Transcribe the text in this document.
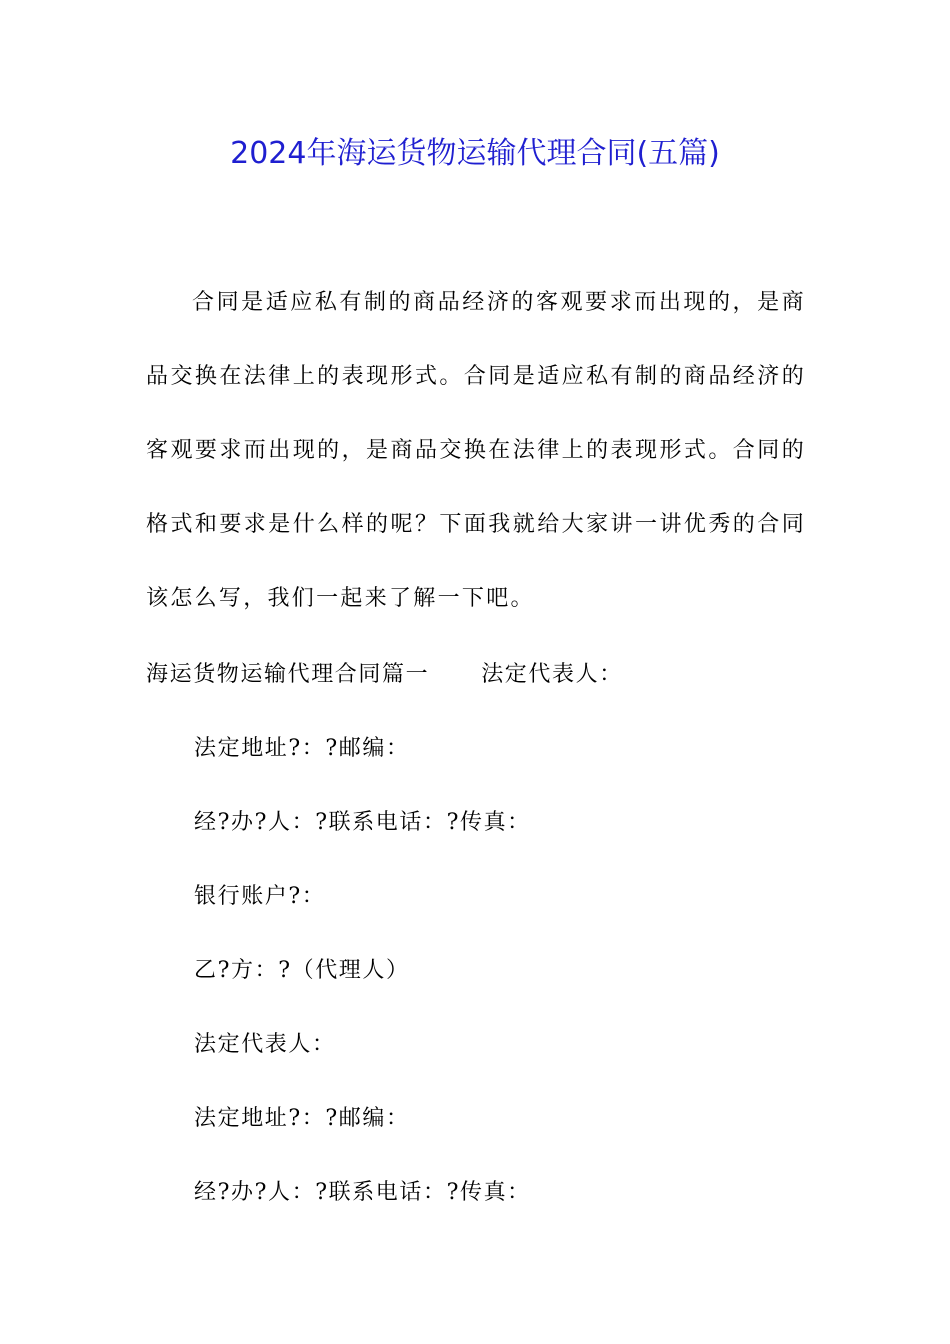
2024年海运货物运输代理合同(五篇)

合同是适应私有制的商品经济的客观要求而出现的，是商品交换在法律上的表现形式。合同是适应私有制的商品经济的客观要求而出现的，是商品交换在法律上的表现形式。合同的格式和要求是什么样的呢？下面我就给大家讲一讲优秀的合同该怎么写，我们一起来了解一下吧。

海运货物运输代理合同篇一 法定代表人：
法定地址?：?邮编：
经?办?人：?联系电话：?传真：
银行账户?：
乙?方：?（代理人）
法定代表人：
法定地址?：?邮编：
经?办?人：?联系电话：?传真：
